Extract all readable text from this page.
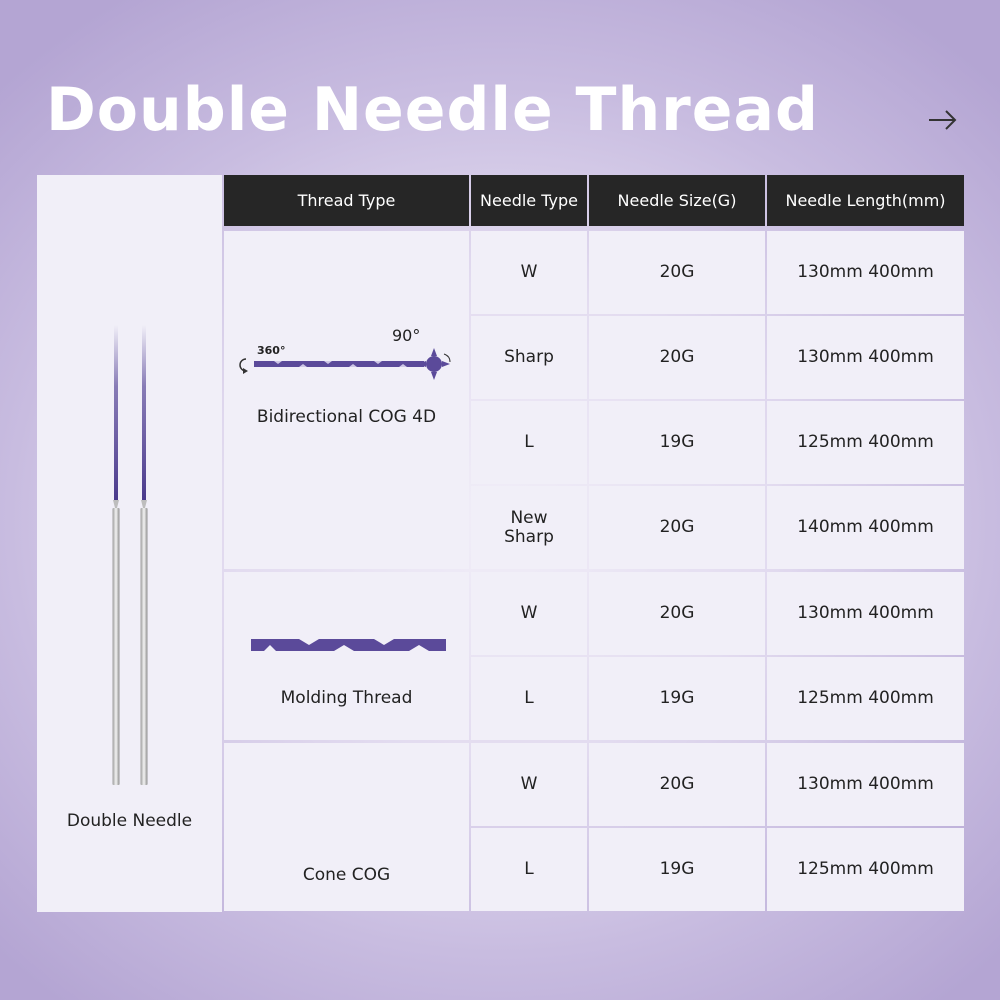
Double Needle Thread
Double Needle
Thread Type	Needle Type	Needle Size(G)	Needle Length(mm)
360°
90°
Bidirectional COG 4D
W	20G	130mm 400mm
Sharp	20G	130mm 400mm
L	19G	125mm 400mm
New Sharp	20G	140mm 400mm
Molding Thread
W	20G	130mm 400mm
L	19G	125mm 400mm
Cone COG
W	20G	130mm 400mm
L	19G	125mm 400mm
